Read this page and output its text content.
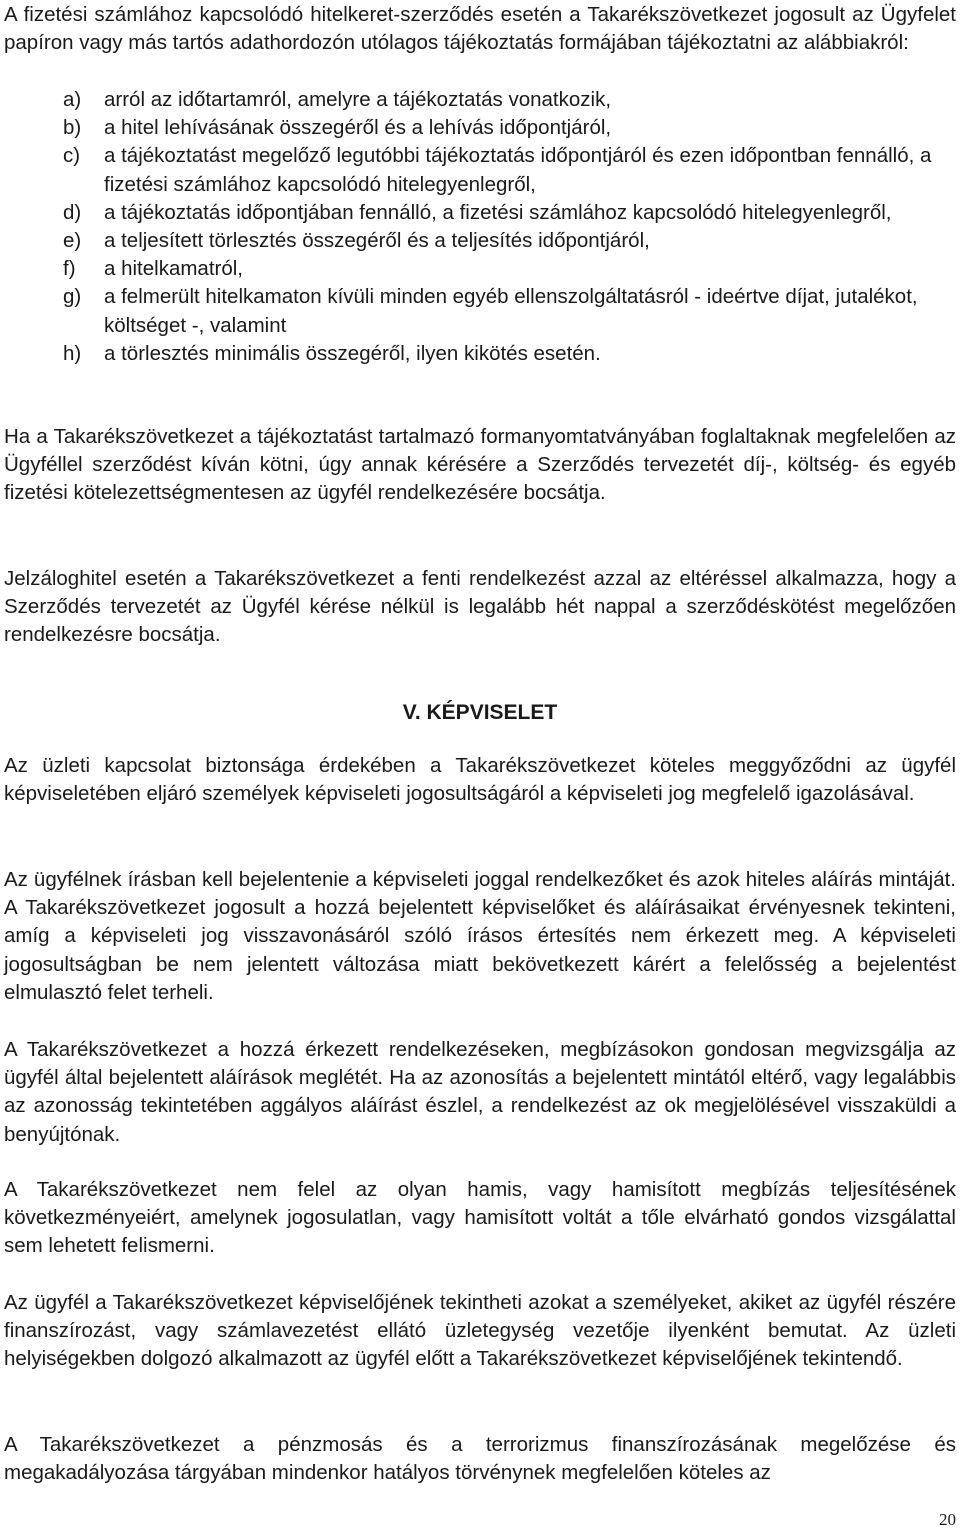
A fizetési számlához kapcsolódó hitelkeret-szerződés esetén a Takarékszövetkezet jogosult az Ügyfelet papíron vagy más tartós adathordozón utólagos tájékoztatás formájában tájékoztatni az alábbiakról:

a) arról az időtartamról, amelyre a tájékoztatás vonatkozik,
b) a hitel lehívásának összegéről és a lehívás időpontjáról,
c) a tájékoztatást megelőző legutóbbi tájékoztatás időpontjáról és ezen időpontban fennálló, a fizetési számlához kapcsolódó hitelegyenlegről,
d) a tájékoztatás időpontjában fennálló, a fizetési számlához kapcsolódó hitelegyenlegről,
e) a teljesített törlesztés összegéről és a teljesítés időpontjáról,
f) a hitelkamatról,
g) a felmerült hitelkamaton kívüli minden egyéb ellenszolgáltatásról - ideértve díjat, jutalékot, költséget -, valamint
h) a törlesztés minimális összegéről, ilyen kikötés esetén.

Ha a Takarékszövetkezet a tájékoztatást tartalmazó formanyomtatványában foglaltaknak megfelelően az Ügyféllel szerződést kíván kötni, úgy annak kérésére a Szerződés tervezetét díj-, költség- és egyéb fizetési kötelezettségmentesen az ügyfél rendelkezésére bocsátja.

Jelzáloghitel esetén a Takarékszövetkezet a fenti rendelkezést azzal az eltéréssel alkalmazza, hogy a Szerződés tervezetét az Ügyfél kérése nélkül is legalább hét nappal a szerződéskötést megelőzően rendelkezésre bocsátja.

V. KÉPVISELET

Az üzleti kapcsolat biztonsága érdekében a Takarékszövetkezet köteles meggyőződni az ügyfél képviseletében eljáró személyek képviseleti jogosultságáról a képviseleti jog megfelelő igazolásával.

Az ügyfélnek írásban kell bejelentenie a képviseleti joggal rendelkezőket és azok hiteles aláírás mintáját. A Takarékszövetkezet jogosult a hozzá bejelentett képviselőket és aláírásaikat érvényesnek tekinteni, amíg a képviseleti jog visszavonásáról szóló írásos értesítés nem érkezett meg. A képviseleti jogosultságban be nem jelentett változása miatt bekövetkezett kárért a felelősség a bejelentést elmulasztó felet terheli.

A Takarékszövetkezet a hozzá érkezett rendelkezéseken, megbízásokon gondosan megvizsgálja az ügyfél által bejelentett aláírások meglétét. Ha az azonosítás a bejelentett mintától eltérő, vagy legalábbis az azonosság tekintetében aggályos aláírást észlel, a rendelkezést az ok megjelölésével visszaküldi a benyújtónak.

A Takarékszövetkezet nem felel az olyan hamis, vagy hamisított megbízás teljesítésének következményeiért, amelynek jogosulatlan, vagy hamisított voltát a tőle elvárható gondos vizsgálattal sem lehetett felismerni.

Az ügyfél a Takarékszövetkezet képviselőjének tekintheti azokat a személyeket, akiket az ügyfél részére finanszírozást, vagy számlavezetést ellátó üzletegység vezetője ilyenként bemutat. Az üzleti helyiségekben dolgozó alkalmazott az ügyfél előtt a Takarékszövetkezet képviselőjének tekintendő.

A Takarékszövetkezet a pénzmosás és a terrorizmus finanszírozásának megelőzése és megakadályozása tárgyában mindenkor hatályos törvénynek megfelelően köteles az

20
